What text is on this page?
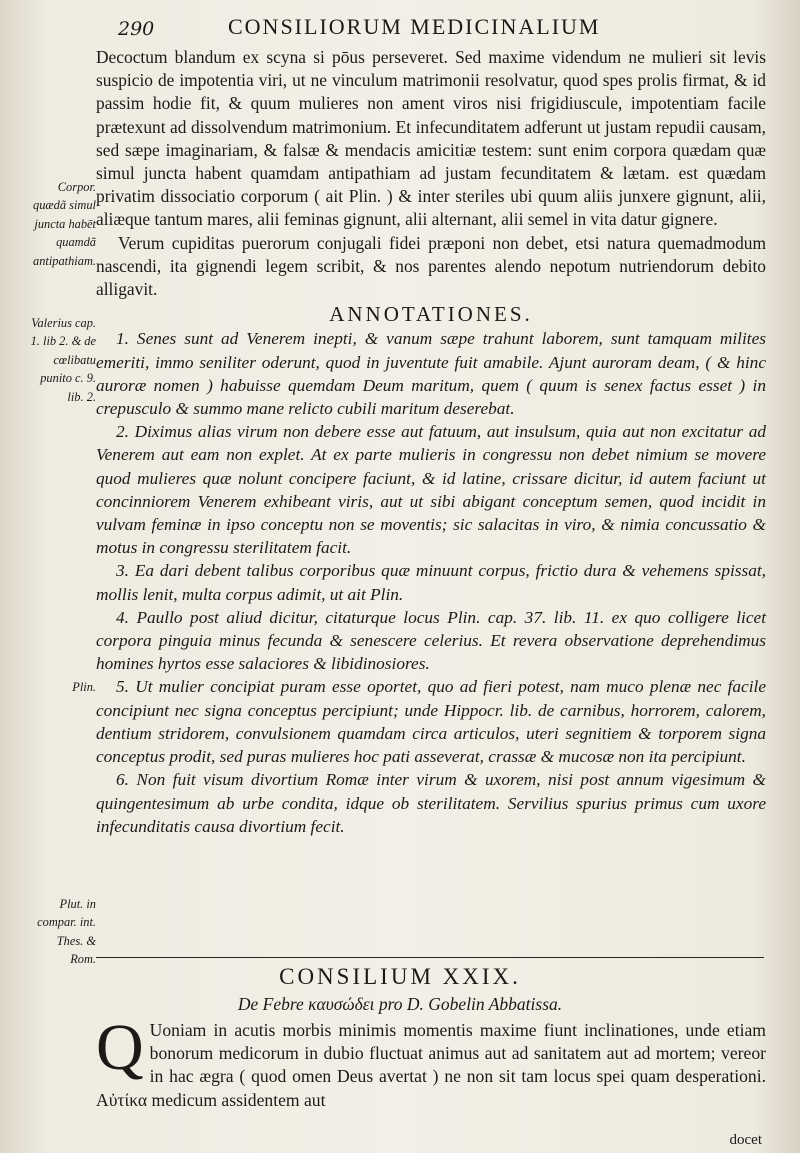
290	CONSILIORUM MEDICINALIUM
Corpor. quædã simul juncta habēt quamdã antipathiam.
Valerius cap. 1. lib 2. & de cœlibatu punito c. 9. lib. 2.
Plin.
Plut. in compar. int. Thes. & Rom.

Decoctum blandum ex scyna si pōus perseveret. Sed maxime videndum ne mulieri sit levis suspicio de impotentia viri, ut ne vinculum matrimonii resolvatur, quod spes prolis firmat, & id passim hodie fit, & quum mulieres non ament viros nisi frigidiuscule, impotentiam facile prætexunt ad dissolvendum matrimonium. Et infecunditatem adferunt ut justam repudii causam, sed sæpe imaginariam, & falsæ & mendacis amicitiæ testem: sunt enim corpora quædam quæ simul juncta habent quamdam antipathiam ad justam fecunditatem & lætam. est quædam privatim dissociatio corporum ( ait Plin. ) & inter steriles ubi quum aliis junxere gignunt, alii, aliæque tantum mares, alii feminas gignunt, alii alternant, alii semel in vita datur gignere.

Verum cupiditas puerorum conjugali fidei præponi non debet, etsi natura quemadmodum nascendi, ita gignendi legem scribit, & nos parentes alendo nepotum nutriendorum debito alligavit.

ANNOTATIONES.

1. Senes sunt ad Venerem inepti, & vanum sæpe trahunt laborem, sunt tamquam milites emeriti, immo seniliter oderunt, quod in juventute fuit amabile. Ajunt auroram deam, ( & hinc auroræ nomen ) habuisse quemdam Deum maritum, quem ( quum is senex factus esset ) in crepusculo & summo mane relicto cubili maritum deserebat.

2. Diximus alias virum non debere esse aut fatuum, aut insulsum, quia aut non excitatur ad Venerem aut eam non explet. At ex parte mulieris in congressu non debet nimium se movere quod mulieres quæ nolunt concipere faciunt, & id latine, crissare dicitur, id autem faciunt ut concinniorem Venerem exhibeant viris, aut ut sibi abigant conceptum semen, quod incidit in vulvam feminæ in ipso conceptu non se moventis; sic salacitas in viro, & nimia concussatio & motus in congressu sterilitatem facit.

3. Ea dari debent talibus corporibus quæ minuunt corpus, frictio dura & vehemens spissat, mollis lenit, multa corpus adimit, ut ait Plin.

4. Paullo post aliud dicitur, citaturque locus Plin. cap. 37. lib. 11. ex quo colligere licet corpora pinguia minus fecunda & senescere celerius. Et revera observatione deprehendimus homines hyrtos esse salaciores & libidinosiores.

5. Ut mulier concipiat puram esse oportet, quo ad fieri potest, nam muco plenæ nec facile concipiunt nec signa conceptus percipiunt; unde Hippocr. lib. de carnibus, horrorem, calorem, dentium stridorem, convulsionem quamdam circa articulos, uteri segnitiem & torporem signa conceptus prodit, sed puras mulieres hoc pati asseverat, crassæ & mucosæ non ita percipiunt.

6. Non fuit visum divortium Romæ inter virum & uxorem, nisi post annum vigesimum & quingentesimum ab urbe condita, idque ob sterilitatem. Servilius spurius primus cum uxore infecunditatis causa divortium fecit.

CONSILIUM XXIX.
De Febre καυσώδει pro D. Gobelin Abbatissa.
Q Uoniam in acutis morbis minimis momentis maxime fiunt inclinationes, unde etiam bonorum medicorum in dubio fluctuat animus aut ad sanitatem aut ad mortem; vereor in hac ægra ( quod omen Deus avertat ) ne non sit tam locus spei quam desperationi. Aὐτίκα medicum assidentem aut

docet
